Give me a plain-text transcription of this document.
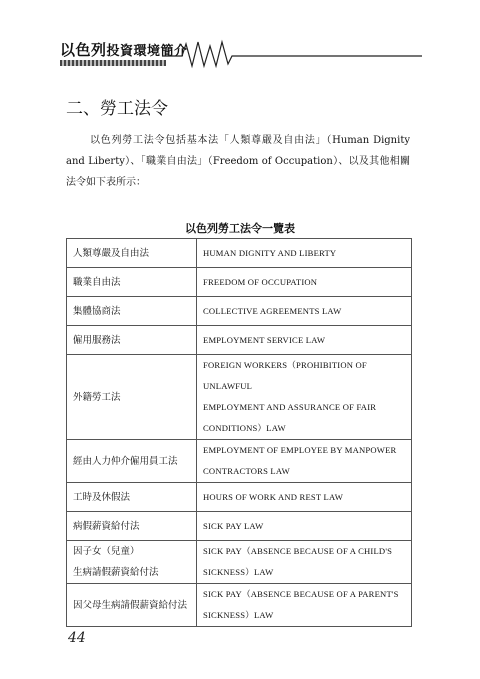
以色列投資環境簡介
二、勞工法令

以色列勞工法令包括基本法「人類尊嚴及自由法」（Human Dignity and Liberty）、「職業自由法」（Freedom of Occupation）、以及其他相關法令如下表所示：

以色列勞工法令一覽表
人類尊嚴及自由法	HUMAN DIGNITY AND LIBERTY

職業自由法	FREEDOM OF OCCUPATION

集體協商法	COLLECTIVE AGREEMENTS LAW

僱用服務法	EMPLOYMENT SERVICE LAW

外籍勞工法	FOREIGN WORKERS（PROHIBITION OF UNLAWFUL
EMPLOYMENT AND ASSURANCE OF FAIR
CONDITIONS）LAW

經由人力仲介僱用員工法	EMPLOYMENT OF EMPLOYEE BY MANPOWER
CONTRACTORS LAW

工時及休假法	HOURS OF WORK AND REST LAW

病假薪資給付法	SICK PAY LAW

因子女（兒童）
生病請假薪資給付法	SICK PAY（ABSENCE BECAUSE OF A CHILD'S
SICKNESS）LAW

因父母生病請假薪資給付法	SICK PAY（ABSENCE BECAUSE OF A PARENT'S
SICKNESS）LAW
44
